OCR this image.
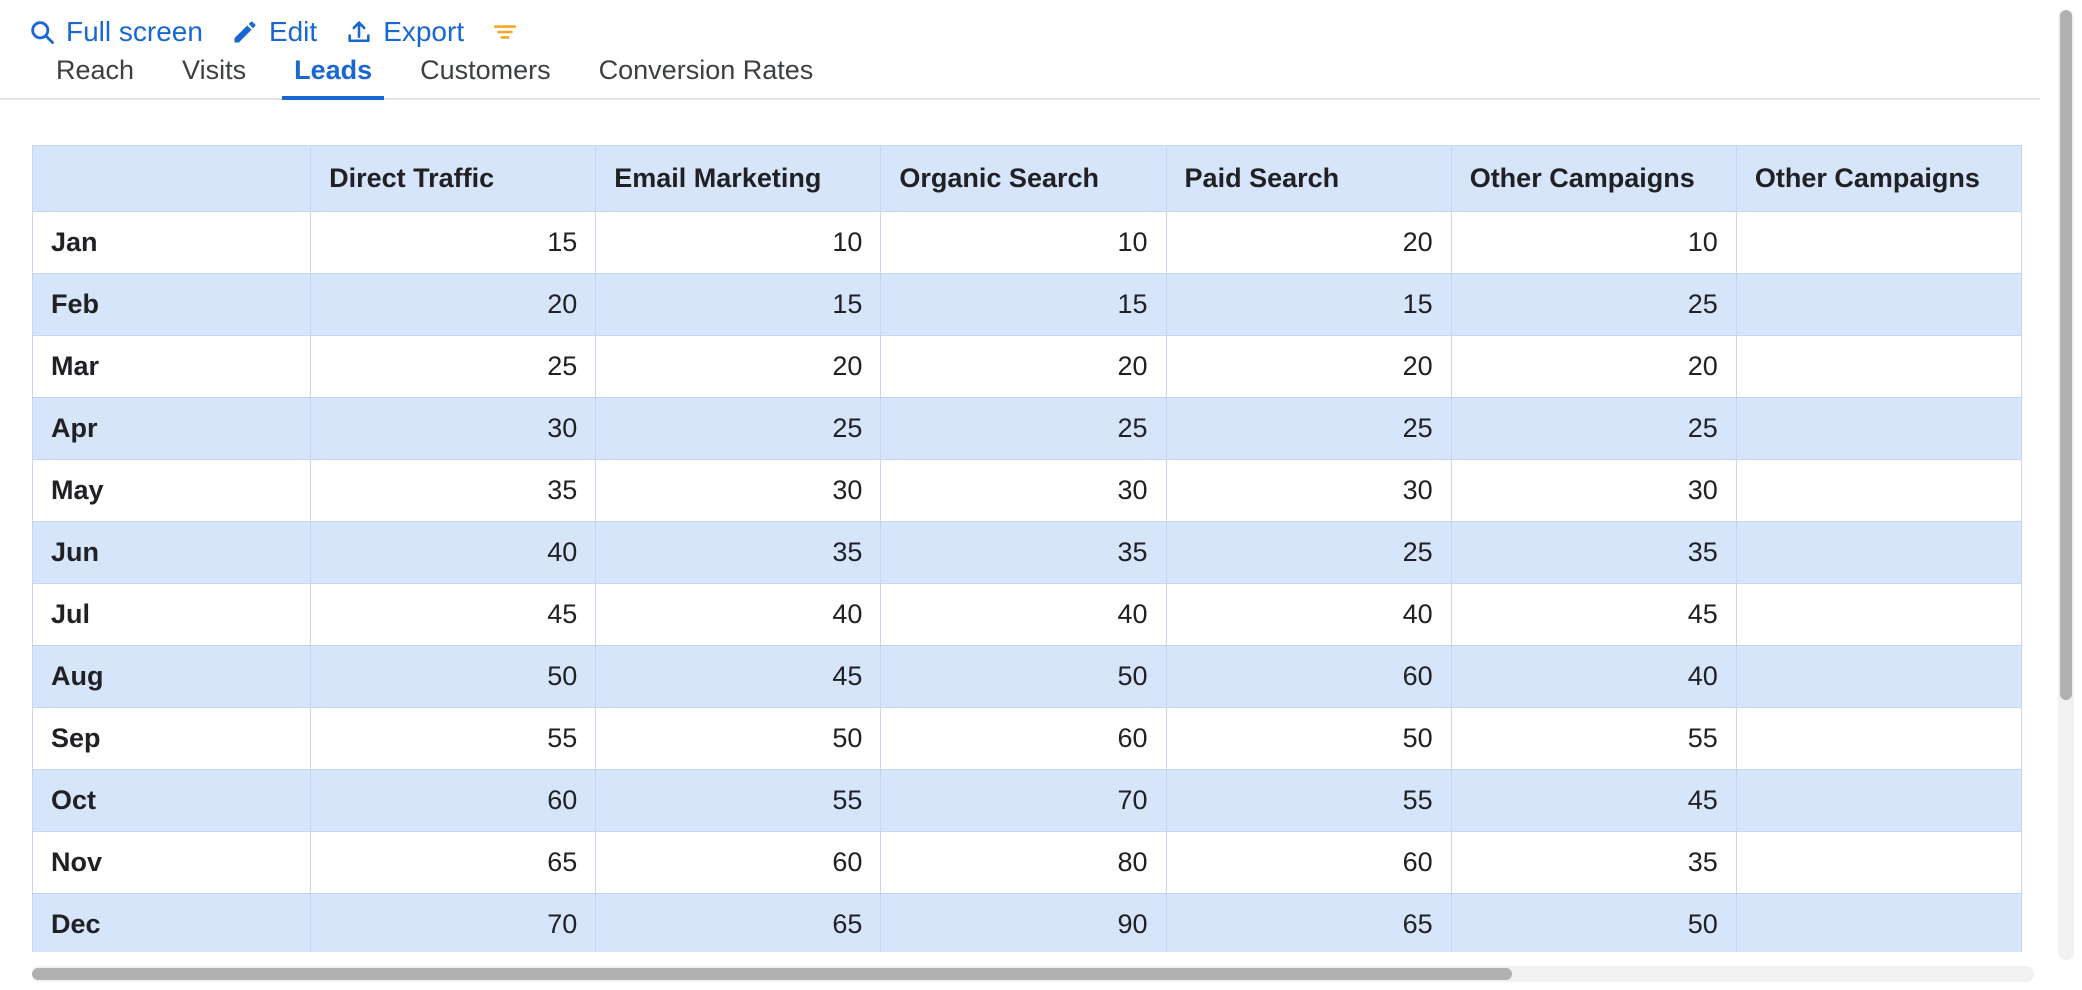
Full screen Edit Export
Reach	Visits	Leads	Customers	Conversion Rates
	Direct Traffic	Email Marketing	Organic Search	Paid Search	Other Campaigns	Other Campaigns
Jan	15	10	10	20	10	
Feb	20	15	15	15	25	
Mar	25	20	20	20	20	
Apr	30	25	25	25	25	
May	35	30	30	30	30	
Jun	40	35	35	25	35	
Jul	45	40	40	40	45	
Aug	50	45	50	60	40	
Sep	55	50	60	50	55	
Oct	60	55	70	55	45	
Nov	65	60	80	60	35	
Dec	70	65	90	65	50	
